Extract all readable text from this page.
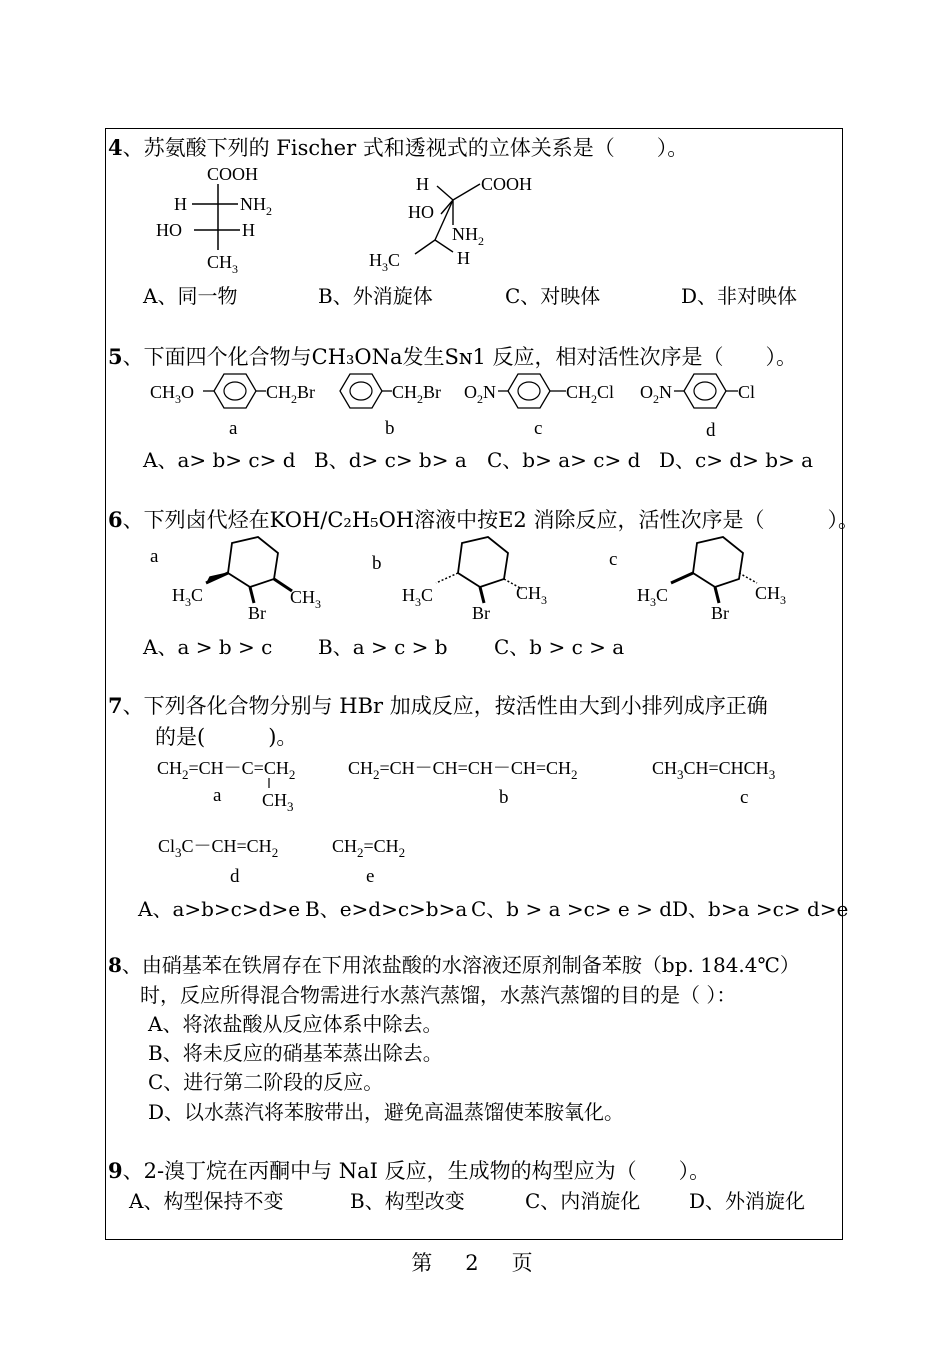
4、苏氨酸下列的 Fischer 式和透视式的立体关系是（　　）。
COOH
H	$NH_2$
HO	H
$CH_3$
H	COOH
HO
$NH_2$
$H_3C$	H
A、同一物	B、外消旋体	C、对映体	D、非对映体
5、下面四个化合物与CH₃ONa发生Sɴ1 反应，相对活性次序是（　　）。
$CH_3O$	$CH_2Br$	$CH_2Br$ $O_2N$	$CH_2Cl$ $O_2N$	Cl
a	b	c	d
A、a> b> c> d B、d> c> b> a C、b> a> c> d D、c> d> b> a
6、下列卤代烃在KOH/C₂H₅OH溶液中按E2 消除反应，活性次序是（　　　）。
a	b	c
$H_3C$
Br
$CH_3$	$H_3C$
Br
$CH_3$	$H_3C$
Br
$CH_3$
A、a > b > c B、a > c > b C、b > c > a
7、下列各化合物分别与 HBr 加成反应，按活性由大到小排列成序正确
的是(　　　)。
$CH_2=CH-C=CH_2$
$CH_3$
$CH_2=CH-CH=CH-CH=CH_2$	$CH_3CH=CHCH_3$
a	b	c
$Cl_3C-CH=CH_2$	$CH_2=CH_2$
d	e
A、a>b>c>d>e B、e>d>c>b>a C、b > a >c> e > d D、b>a >c> d>e
8、由硝基苯在铁屑存在下用浓盐酸的水溶液还原剂制备苯胺（bp. 184.4℃）
时，反应所得混合物需进行水蒸汽蒸馏，水蒸汽蒸馏的目的是（ ）：
A、将浓盐酸从反应体系中除去。
B、将未反应的硝基苯蒸出除去。
C、进行第二阶段的反应。
D、以水蒸汽将苯胺带出，避免高温蒸馏使苯胺氧化。
9、2-溴丁烷在丙酮中与 NaI 反应，生成物的构型应为（　　）。
A、构型保持不变	B、构型改变	C、内消旋化 D、外消旋化
第　2　页
